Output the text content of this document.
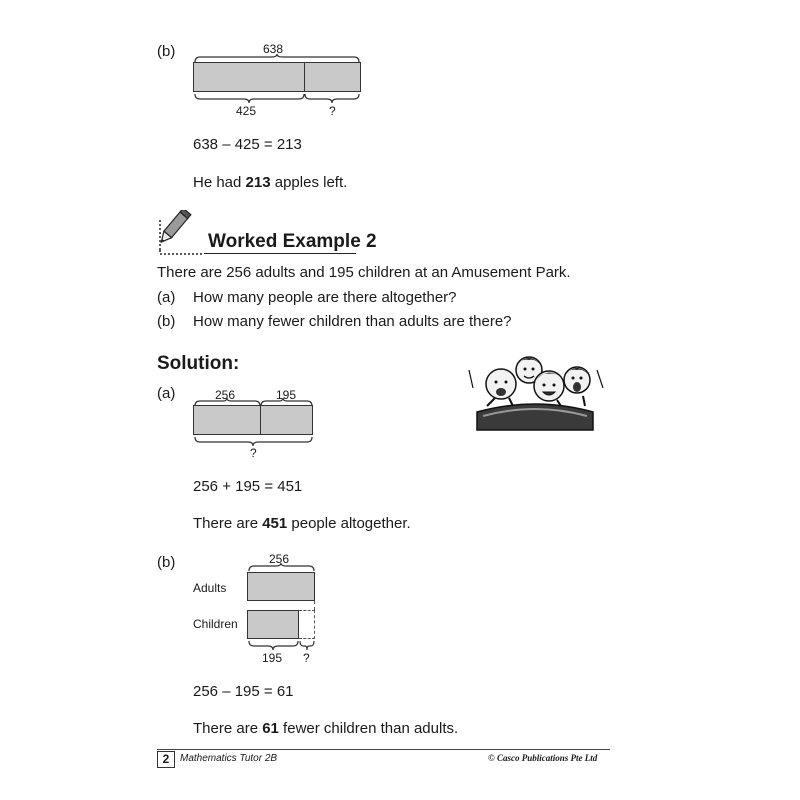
(b)	638
425	?
638 – 425 = 213
He had 213 apples left.
Worked Example 2
There are 256 adults and 195 children at an Amusement Park.
(a) How many people are there altogether?
(b) How many fewer children than adults are there?
Solution:
(a)	256	195
?
256 + 195 = 451
There are 451 people altogether.
(b)	256
Adults
Children
195 ?
256 – 195 = 61
There are 61 fewer children than adults.
2	Mathematics Tutor 2B	© Casco Publications Pte Ltd
